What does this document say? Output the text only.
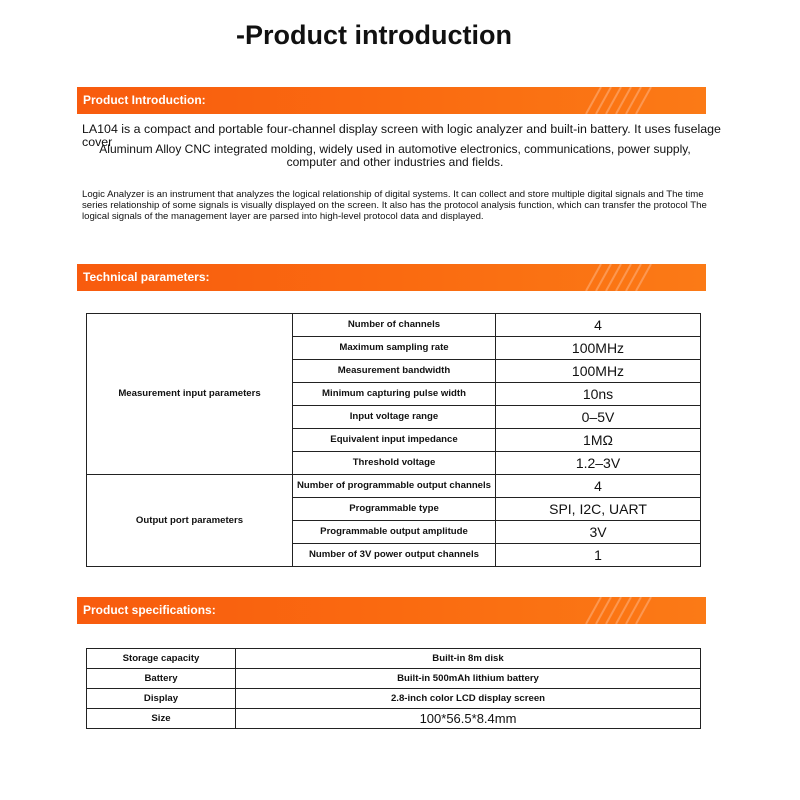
-Product introduction
Product Introduction:
LA104 is a compact and portable four-channel display screen with logic analyzer and built-in battery. It uses fuselage cover
Aluminum Alloy CNC integrated molding, widely used in automotive electronics, communications, power supply, computer and other industries and fields.
Logic Analyzer is an instrument that analyzes the logical relationship of digital systems. It can collect and store multiple digital signals and The time series relationship of some signals is visually displayed on the screen. It also has the protocol analysis function, which can transfer the protocol The logical signals of the management layer are parsed into high-level protocol data and displayed.
Technical parameters:
Measurement input parameters	Number of channels	4
	Maximum sampling rate	100MHz
	Measurement bandwidth	100MHz
	Minimum capturing pulse width	10ns
	Input voltage range	0–5V
	Equivalent input impedance	1MΩ
	Threshold voltage	1.2–3V
Output port parameters	Number of programmable output channels	4
	Programmable type	SPI, I2C, UART
	Programmable output amplitude	3V
	Number of 3V power output channels	1
Product specifications:
Storage capacity	Built-in 8m disk
Battery	Built-in 500mAh lithium battery
Display	2.8-inch color LCD display screen
Size	100*56.5*8.4mm
